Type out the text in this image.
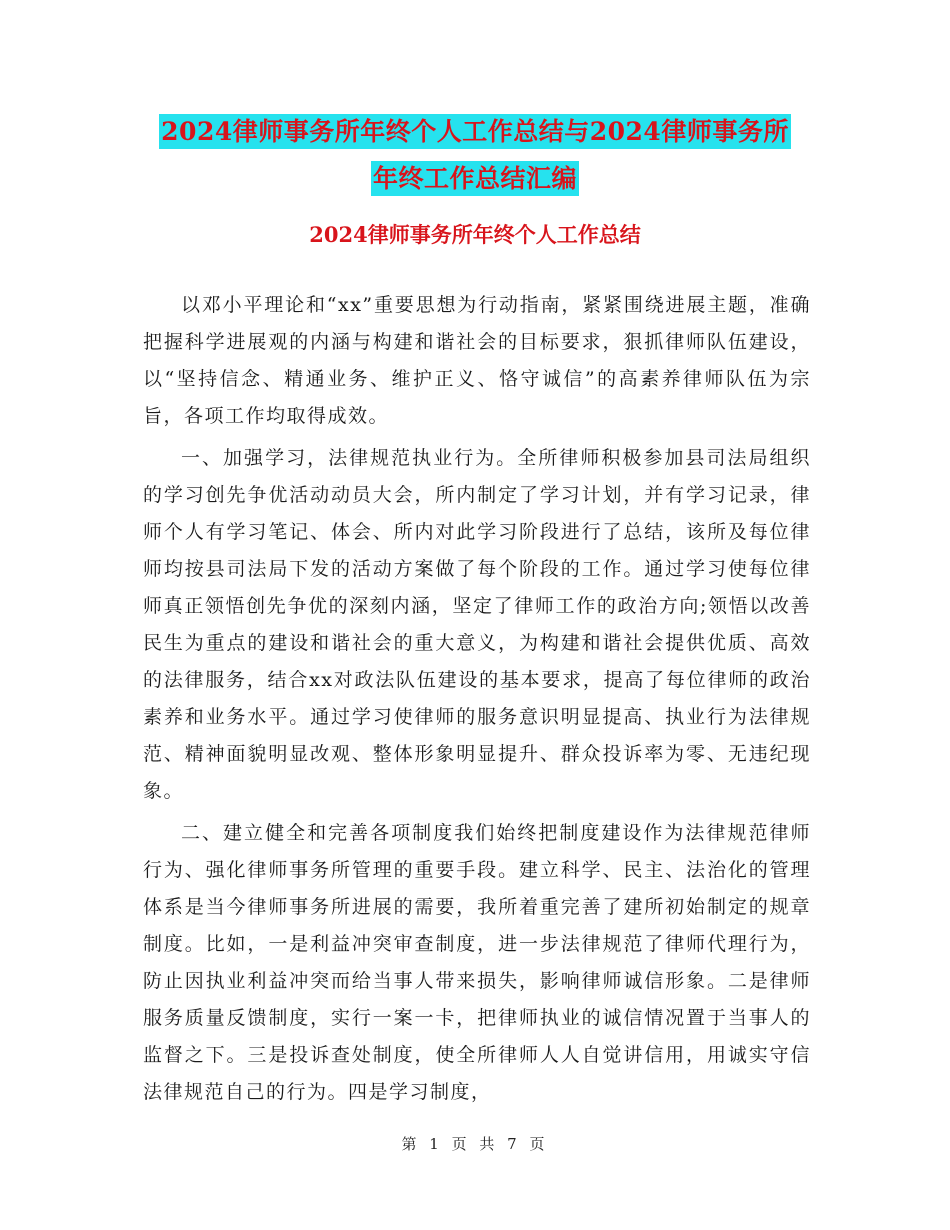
2024律师事务所年终个人工作总结与2024律师事务所
年终工作总结汇编
2024律师事务所年终个人工作总结

以邓小平理论和“xx”重要思想为行动指南，紧紧围绕进展主题，准确把握科学进展观的内涵与构建和谐社会的目标要求，狠抓律师队伍建设，以“坚持信念、精通业务、维护正义、恪守诚信”的高素养律师队伍为宗旨，各项工作均取得成效。

一、加强学习，法律规范执业行为。全所律师积极参加县司法局组织的学习创先争优活动动员大会，所内制定了学习计划，并有学习记录，律师个人有学习笔记、体会、所内对此学习阶段进行了总结，该所及每位律师均按县司法局下发的活动方案做了每个阶段的工作。通过学习使每位律师真正领悟创先争优的深刻内涵，坚定了律师工作的政治方向;领悟以改善民生为重点的建设和谐社会的重大意义，为构建和谐社会提供优质、高效的法律服务，结合xx对政法队伍建设的基本要求，提高了每位律师的政治素养和业务水平。通过学习使律师的服务意识明显提高、执业行为法律规范、精神面貌明显改观、整体形象明显提升、群众投诉率为零、无违纪现象。

二、建立健全和完善各项制度我们始终把制度建设作为法律规范律师行为、强化律师事务所管理的重要手段。建立科学、民主、法治化的管理体系是当今律师事务所进展的需要，我所着重完善了建所初始制定的规章制度。比如，一是利益冲突审查制度，进一步法律规范了律师代理行为，防止因执业利益冲突而给当事人带来损失，影响律师诚信形象。二是律师服务质量反馈制度，实行一案一卡，把律师执业的诚信情况置于当事人的监督之下。三是投诉查处制度，使全所律师人人自觉讲信用，用诚实守信法律规范自己的行为。四是学习制度，

第 1 页 共 7 页
